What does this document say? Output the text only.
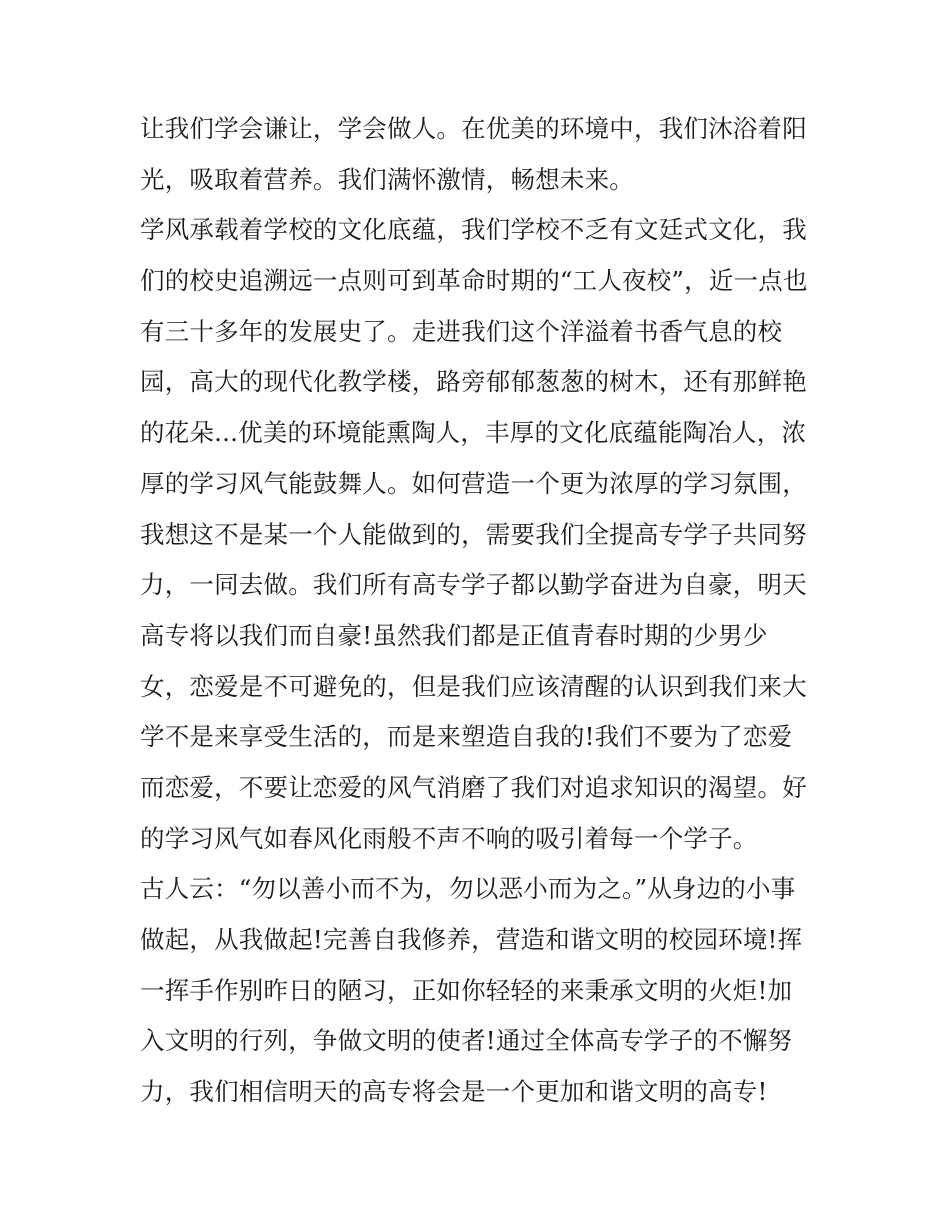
让我们学会谦让，学会做人。在优美的环境中，我们沐浴着阳
光，吸取着营养。我们满怀激情，畅想未来。
学风承载着学校的文化底蕴，我们学校不乏有文廷式文化，我
们的校史追溯远一点则可到革命时期的“工人夜校”，近一点也
有三十多年的发展史了。走进我们这个洋溢着书香气息的校
园，高大的现代化教学楼，路旁郁郁葱葱的树木，还有那鲜艳
的花朵...优美的环境能熏陶人，丰厚的文化底蕴能陶冶人，浓
厚的学习风气能鼓舞人。如何营造一个更为浓厚的学习氛围，
我想这不是某一个人能做到的，需要我们全提高专学子共同努
力，一同去做。我们所有高专学子都以勤学奋进为自豪，明天
高专将以我们而自豪!虽然我们都是正值青春时期的少男少
女，恋爱是不可避免的，但是我们应该清醒的认识到我们来大
学不是来享受生活的，而是来塑造自我的!我们不要为了恋爱
而恋爱，不要让恋爱的风气消磨了我们对追求知识的渴望。好
的学习风气如春风化雨般不声不响的吸引着每一个学子。
古人云：“勿以善小而不为，勿以恶小而为之。”从身边的小事
做起，从我做起!完善自我修养，营造和谐文明的校园环境!挥
一挥手作别昨日的陋习，正如你轻轻的来秉承文明的火炬!加
入文明的行列，争做文明的使者!通过全体高专学子的不懈努
力，我们相信明天的高专将会是一个更加和谐文明的高专!
